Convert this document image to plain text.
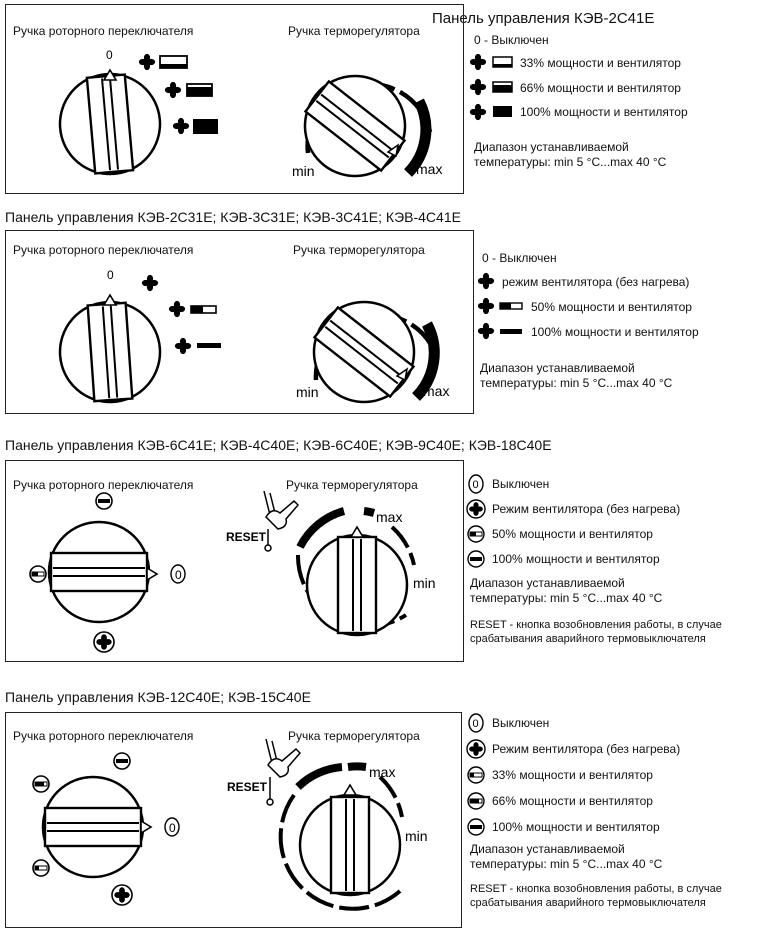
Панель управления КЭВ-2С41Е
Ручка роторного переключателя	Ручка терморегулятора
0
min	max
0 - Выключен
33% мощности и вентилятор
66% мощности и вентилятор
100% мощности и вентилятор
Диапазон устанавливаемой
температуры: min 5 °C...max 40 °C
Панель управления КЭВ-2С31Е; КЭВ-3С31Е; КЭВ-3С41Е; КЭВ-4С41Е
Ручка роторного переключателя	Ручка терморегулятора
0
min	max
0 - Выключен
режим вентилятора (без нагрева)
50% мощности и вентилятор
100% мощности и вентилятор
Диапазон устанавливаемой
температуры: min 5 °C...max 40 °C
Панель управления КЭВ-6С41Е; КЭВ-4С40Е; КЭВ-6С40Е; КЭВ-9С40Е; КЭВ-18С40Е
Ручка роторного переключателя	Ручка терморегулятора
0
RESET
max
min
0 Выключен
Режим вентилятора (без нагрева)
50% мощности и вентилятор
100% мощности и вентилятор
Диапазон устанавливаемой
температуры: min 5 °C...max 40 °C
RESET - кнопка возобновления работы, в случае
срабатывания аварийного термовыключателя
Панель управления КЭВ-12С40Е; КЭВ-15С40Е
Ручка роторного переключателя	Ручка терморегулятора
0
RESET
max
min
0 Выключен
Режим вентилятора (без нагрева)
33% мощности и вентилятор
66% мощности и вентилятор
100% мощности и вентилятор
Диапазон устанавливаемой
температуры: min 5 °C...max 40 °C
RESET - кнопка возобновления работы, в случае
срабатывания аварийного термовыключателя
